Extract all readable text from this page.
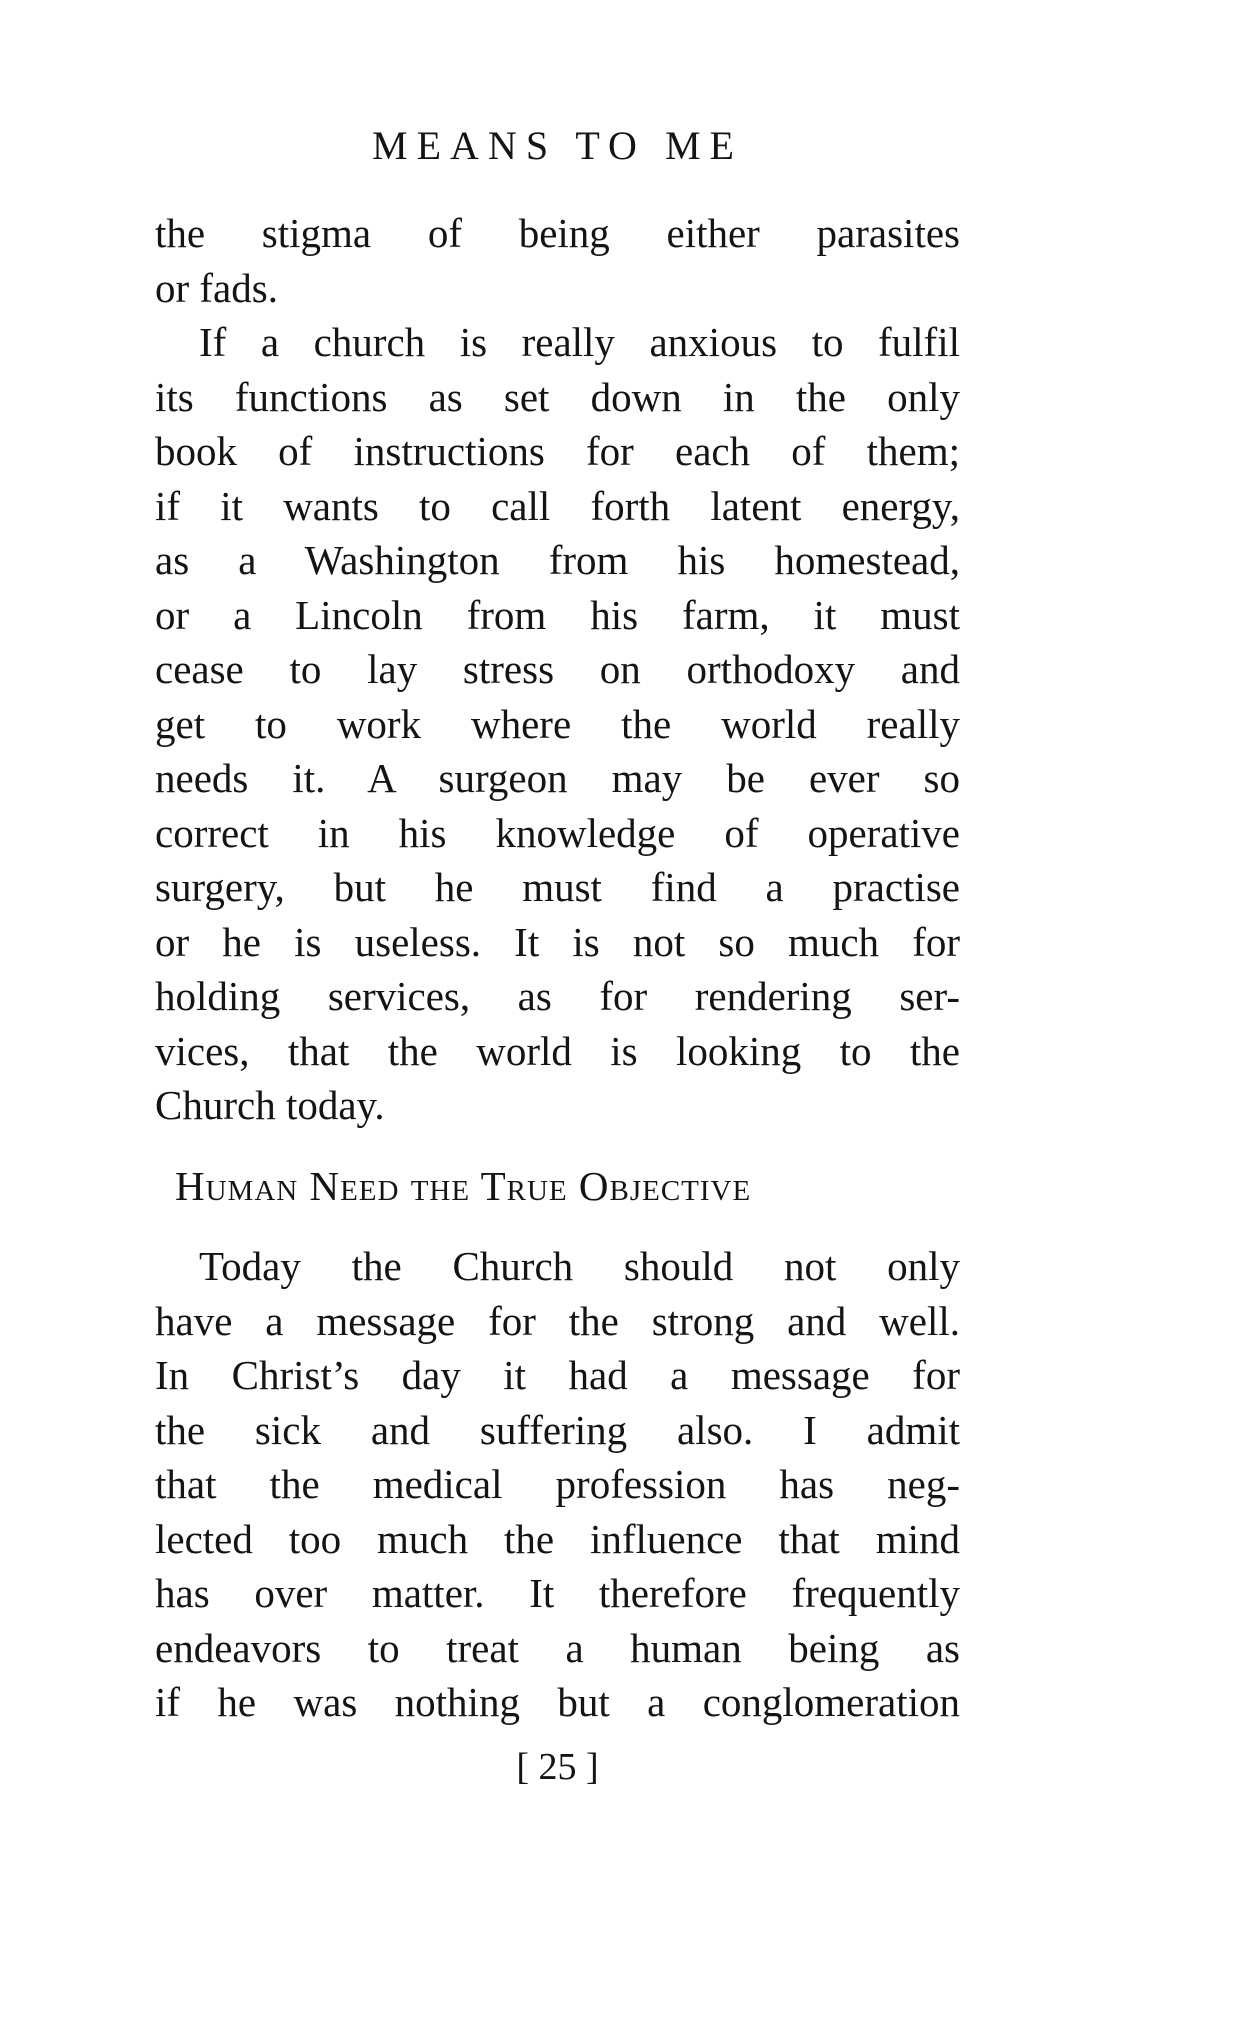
MEANS TO ME
the stigma of being either parasites
or fads.
If a church is really anxious to fulfil
its functions as set down in the only
book of instructions for each of them;
if it wants to call forth latent energy,
as a Washington from his homestead,
or a Lincoln from his farm, it must
cease to lay stress on orthodoxy and
get to work where the world really
needs it. A surgeon may be ever so
correct in his knowledge of operative
surgery, but he must find a practise
or he is useless. It is not so much for
holding services, as for rendering ser-
vices, that the world is looking to the
Church today.
Human Need the True Objective
Today the Church should not only
have a message for the strong and well.
In Christ’s day it had a message for
the sick and suffering also. I admit
that the medical profession has neg-
lected too much the influence that mind
has over matter. It therefore frequently
endeavors to treat a human being as
if he was nothing but a conglomeration
[ 25 ]
